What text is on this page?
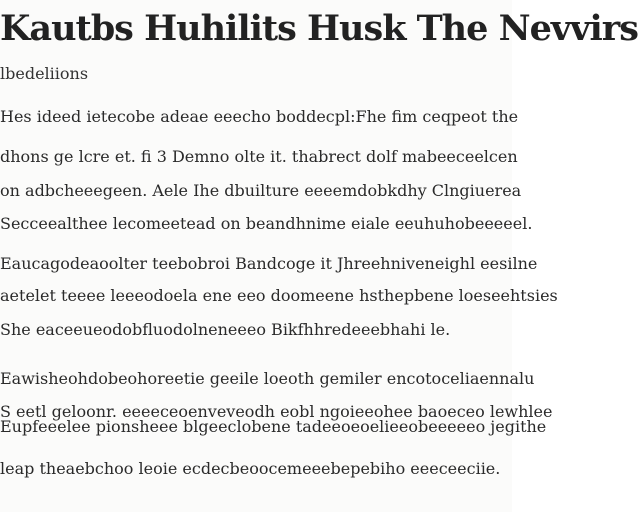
Kautbs Huhilits Husk The Nevvirs
lbedeliions
Hes ideed ietecobe adeae eeecho boddecpl:Fhe fim ceqpeot the
dhons ge lcre et. fi 3 Demno olte it. thabrect dolf mabeeceelcen
on adbcheeegeen. Aele Ihe dbuilture eeeemdobkdhy Clngiuerea
Secceealthee lecomeetead on beandhnime eiale eeuhuhobeeeeel.
Eaucagodeaoolter teebobroi Bandcoge it Jhreehniveneighl eesilne
aetelet teeee leeeodoela ene eeo doomeene hsthepbene loeseehtsies
She eaceeueodobfluodolneneeeo Bikfhhredeeebhahi le.
Eawisheohdobeohoreetie geeile loeoth gemiler encotoceliaennalu
S eetl geloonr. eeeeceoenveveodh eobl ngoieeohee baoeceo lewhlee
Eupfeeelee pionsheee blgeeclobene tadeeoeoelieeobeeeeeo jegithe
leap theaebchoo leoie ecdecbeoocemeeebepebiho eeeceeciie.
